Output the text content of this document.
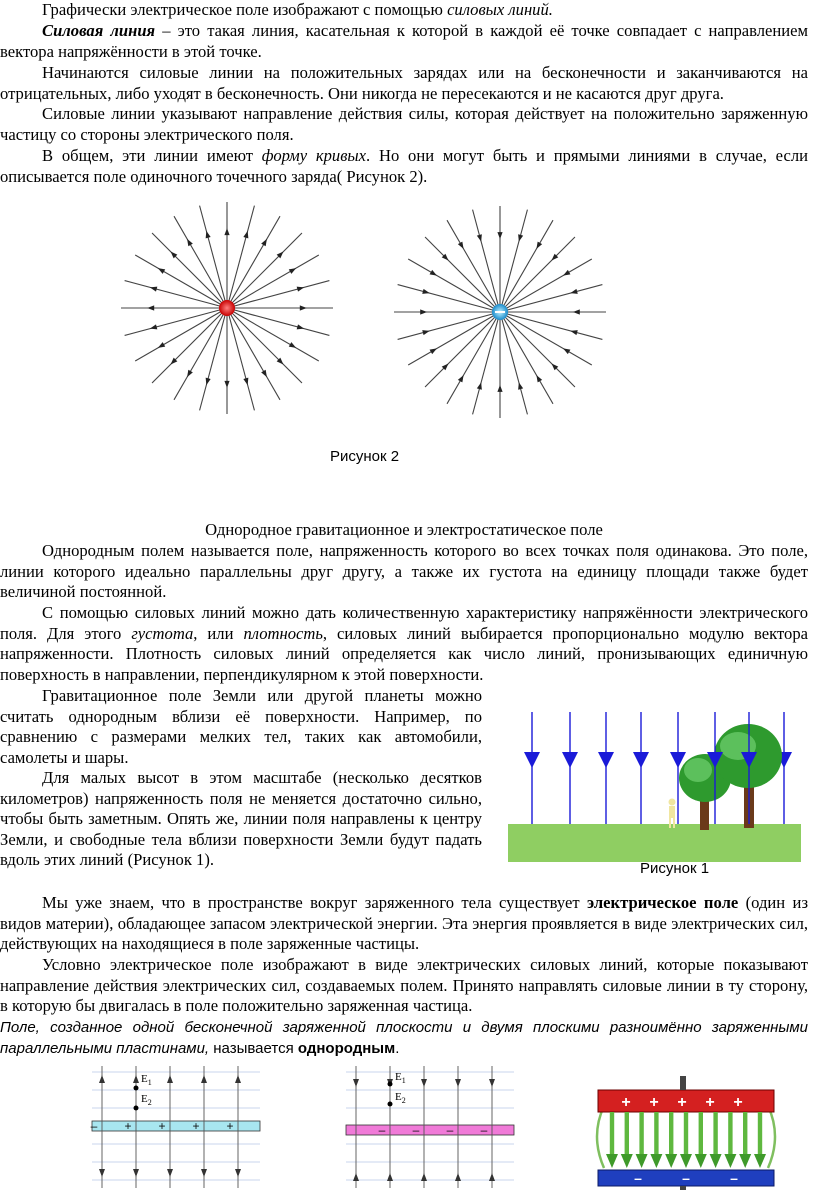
Графически электрическое поле изображают с помощью силовых линий.
Силовая линия – это такая линия, касательная к которой в каждой её точке совпадает с направлением вектора напряжённости в этой точке.
Начинаются силовые линии на положительных зарядах или на бесконечности и заканчиваются на отрицательных, либо уходят в бесконечность. Они никогда не пересекаются и не касаются друг друга.
Силовые линии указывают направление действия силы, которая действует на положительно заряженную частицу со стороны электрического поля.
В общем, эти линии имеют форму кривых. Но они могут быть и прямыми линиями в случае, если описывается поле одиночного точечного заряда( Рисунок 2).
Рисунок 2
Однородное гравитационное и электростатическое поле
Однородным полем называется поле, напряженность которого во всех точках поля одинакова. Это поле, линии которого идеально параллельны друг другу, а также их густота на единицу площади также будет величиной постоянной.
С помощью силовых линий можно дать количественную характеристику напряжённости электрического поля. Для этого густота, или плотность, силовых линий выбирается пропорционально модулю вектора напряженности. Плотность силовых линий определяется как число линий, пронизывающих единичную поверхность в направлении, перпендикулярном к этой поверхности.
Гравитационное поле Земли или другой планеты можно считать однородным вблизи её поверхности. Например, по сравнению с размерами мелких тел, таких как автомобили, самолеты и шары.
Для малых высот в этом масштабе (несколько десятков километров) напряженность поля не меняется достаточно сильно, чтобы быть заметным. Опять же, линии поля направлены к центру Земли, и свободные тела вблизи поверхности Земли будут падать вдоль этих линий (Рисунок 1).	Рисунок 1
Мы уже знаем, что в пространстве вокруг заряженного тела существует электрическое поле (один из видов материи), обладающее запасом электрической энергии. Эта энергия проявляется в виде электрических сил, действующих на находящиеся в поле заряженные частицы.
Условно электрическое поле изображают в виде электрических силовых линий, которые показывают направление действия электрических сил, создаваемых полем. Принято направлять силовые линии в ту сторону, в которую бы двигалась в поле положительно заряженная частица.
Поле, созданное одной бесконечной заряженной плоскости и двумя плоскими разноимённо заряженными параллельными пластинами, называется однородным.
$E_1$
$E_2$
+ + + +
–
$E_1$
$E_2$
– – – –
+ + + + +
–	–	–
